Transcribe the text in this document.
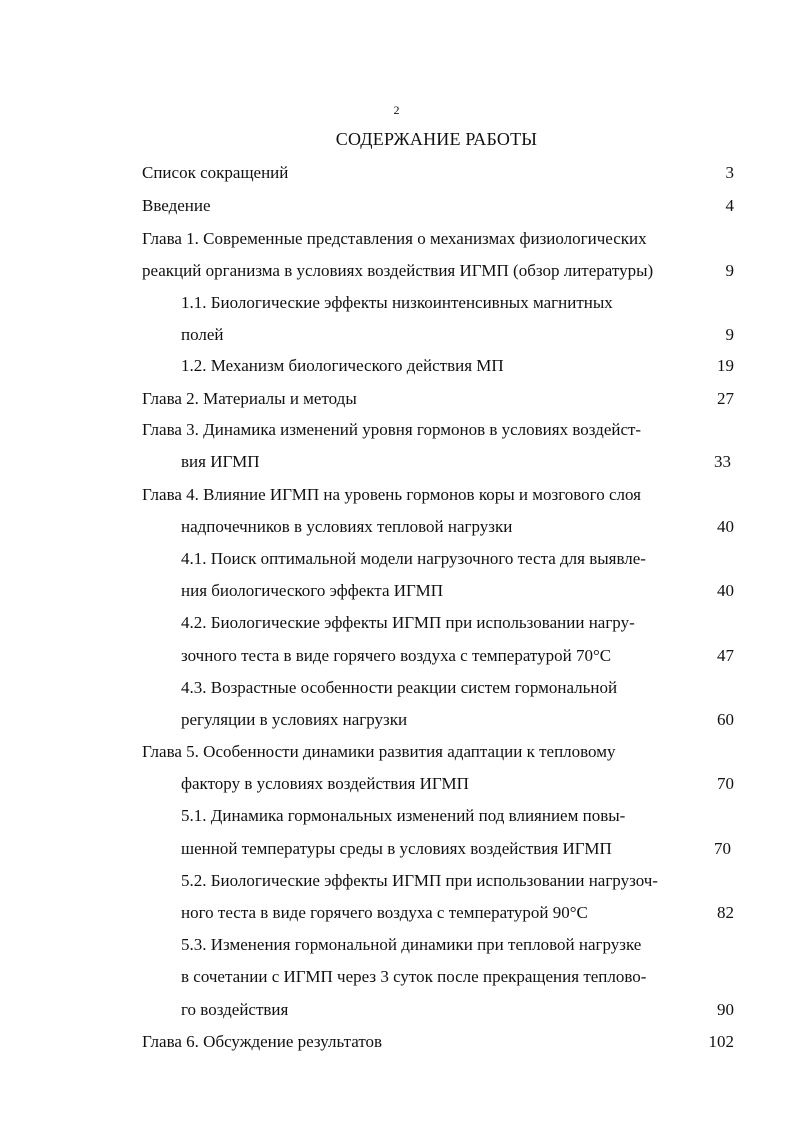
2
СОДЕРЖАНИЕ РАБОТЫ
Список сокращений	3
Введение	4
Глава 1. Современные представления о механизмах физиологических
реакций организма в условиях воздействия ИГМП (обзор литературы)	9
1.1. Биологические эффекты низкоинтенсивных магнитных
полей	9
1.2. Механизм биологического действия МП	19
Глава 2. Материалы и методы	27
Глава 3. Динамика изменений уровня гормонов в условиях воздейст-
вия ИГМП	33
Глава 4. Влияние ИГМП на уровень гормонов коры и мозгового слоя
надпочечников в условиях тепловой нагрузки	40
4.1. Поиск оптимальной модели нагрузочного теста для выявле-
ния биологического эффекта ИГМП	40
4.2. Биологические эффекты ИГМП при использовании нагру-
зочного теста в виде горячего воздуха с температурой 70°С	47
4.3. Возрастные особенности реакции систем гормональной
регуляции в условиях нагрузки	60
Глава 5. Особенности динамики развития адаптации к тепловому
фактору в условиях воздействия ИГМП	70
5.1. Динамика гормональных изменений под влиянием повы-
шенной температуры среды в условиях воздействия ИГМП	70
5.2. Биологические эффекты ИГМП при использовании нагрузоч-
ного теста в виде горячего воздуха с температурой 90°С	82
5.3. Изменения гормональной динамики при тепловой нагрузке
в сочетании с ИГМП через 3 суток после прекращения теплово-
го воздействия	90
Глава 6. Обсуждение результатов	102
